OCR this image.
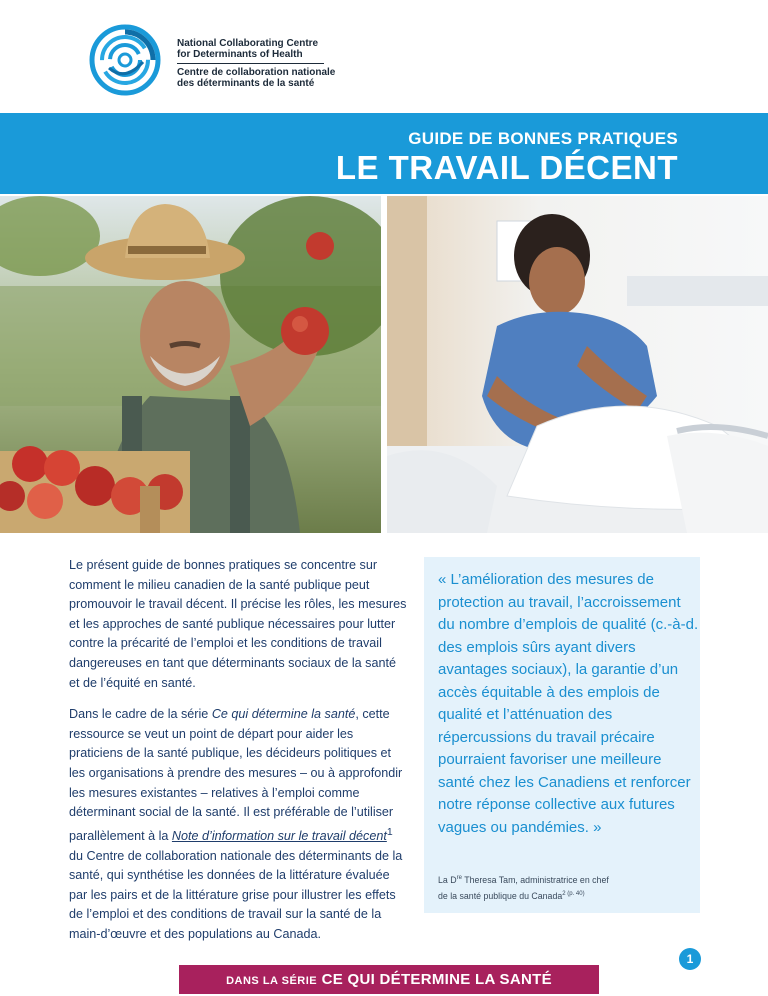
National Collaborating Centre
for Determinants of Health
Centre de collaboration nationale
des déterminants de la santé
GUIDE DE BONNES PRATIQUES
LE TRAVAIL DÉCENT

Le présent guide de bonnes pratiques se concentre sur comment le milieu canadien de la santé publique peut promouvoir le travail décent. Il précise les rôles, les mesures et les approches de santé publique nécessaires pour lutter contre la précarité de l’emploi et les conditions de travail dangereuses en tant que déterminants sociaux de la santé et de l’équité en santé.

Dans le cadre de la série Ce qui détermine la santé, cette ressource se veut un point de départ pour aider les praticiens de la santé publique, les décideurs politiques et les organisations à prendre des mesures – ou à approfondir les mesures existantes – relatives à l’emploi comme déterminant social de la santé. Il est préférable de l’utiliser parallèlement à la Note d’information sur le travail décent$^1$ du Centre de collaboration nationale des déterminants de la santé, qui synthétise les données de la littérature évaluée par les pairs et de la littérature grise pour illustrer les effets de l’emploi et des conditions de travail sur la santé de la main-d’œuvre et des populations au Canada.

« L’amélioration des mesures de protection au travail, l’accroissement du nombre d’emplois de qualité (c.-à-d. des emplois sûrs ayant divers avantages sociaux), la garantie d’un accès équitable à des emplois de qualité et l’atténuation des répercussions du travail précaire pourraient favoriser une meilleure santé chez les Canadiens et renforcer notre réponse collective aux futures vagues ou pandémies. »
La Dre Theresa Tam, administratrice en chef
de la santé publique du Canada$^{2 (p. 40)}$
1
DANS LA SÉRIE CE QUI DÉTERMINE LA SANTÉ
